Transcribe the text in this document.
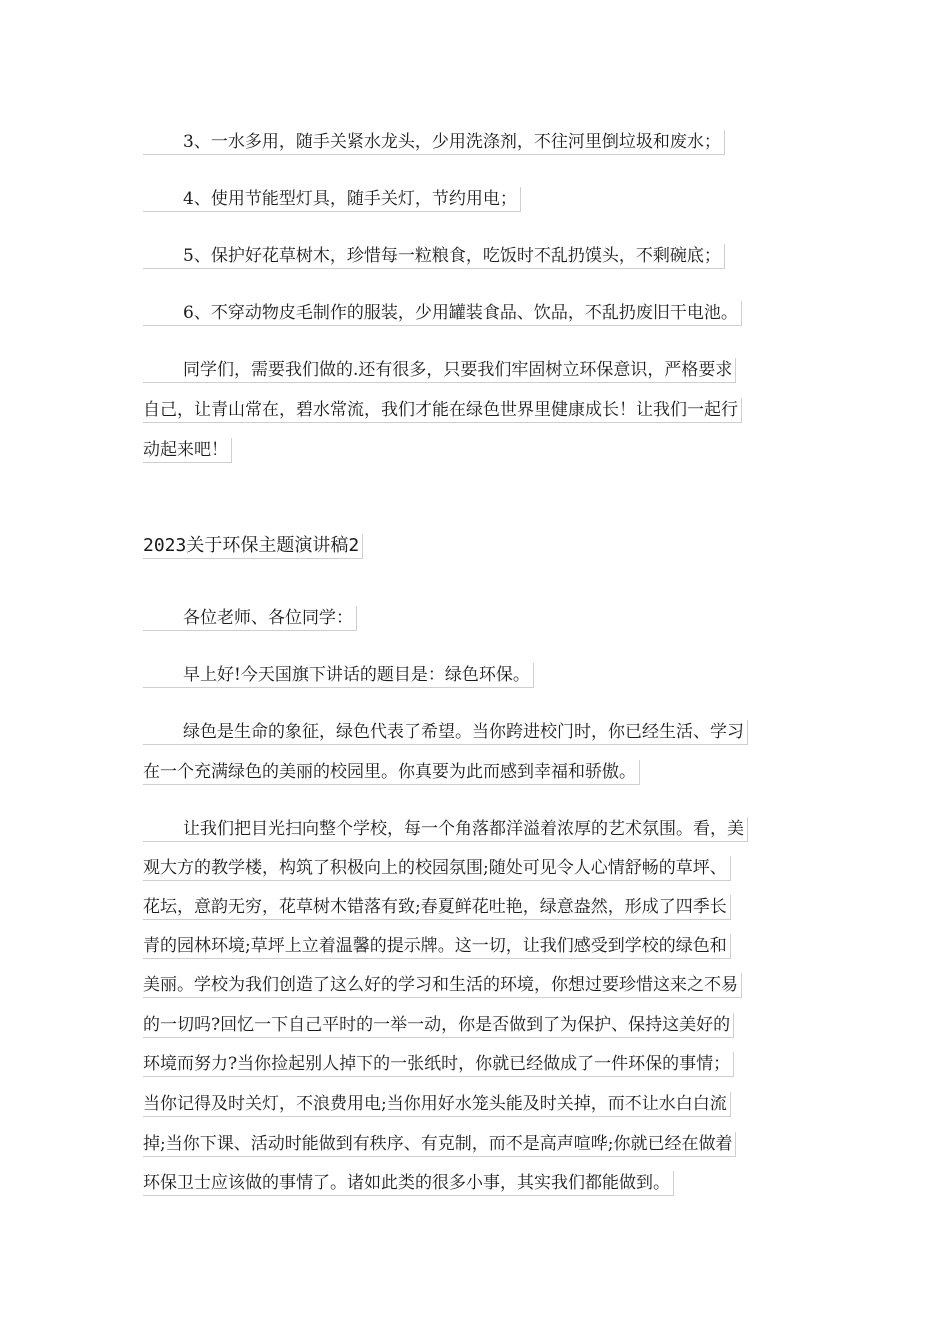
3、一水多用，随手关紧水龙头，少用洗涤剂，不往河里倒垃圾和废水；
4、使用节能型灯具，随手关灯，节约用电；
5、保护好花草树木，珍惜每一粒粮食，吃饭时不乱扔馍头，不剩碗底；
6、不穿动物皮毛制作的服装，少用罐装食品、饮品，不乱扔废旧干电池。
同学们，需要我们做的.还有很多，只要我们牢固树立环保意识，严格要求
自己，让青山常在，碧水常流，我们才能在绿色世界里健康成长！让我们一起行
动起来吧！
2023关于环保主题演讲稿2
各位老师、各位同学：
早上好!今天国旗下讲话的题目是：绿色环保。
绿色是生命的象征，绿色代表了希望。当你跨进校门时，你已经生活、学习
在一个充满绿色的美丽的校园里。你真要为此而感到幸福和骄傲。
让我们把目光扫向整个学校，每一个角落都洋溢着浓厚的艺术氛围。看，美
观大方的教学楼，构筑了积极向上的校园氛围;随处可见令人心情舒畅的草坪、
花坛，意韵无穷，花草树木错落有致;春夏鲜花吐艳，绿意盎然，形成了四季长
青的园林环境;草坪上立着温馨的提示牌。这一切，让我们感受到学校的绿色和
美丽。学校为我们创造了这么好的学习和生活的环境，你想过要珍惜这来之不易
的一切吗?回忆一下自己平时的一举一动，你是否做到了为保护、保持这美好的
环境而努力?当你捡起别人掉下的一张纸时，你就已经做成了一件环保的事情；
当你记得及时关灯，不浪费用电;当你用好水笼头能及时关掉，而不让水白白流
掉;当你下课、活动时能做到有秩序、有克制，而不是高声喧哗;你就已经在做着
环保卫士应该做的事情了。诸如此类的很多小事，其实我们都能做到。
